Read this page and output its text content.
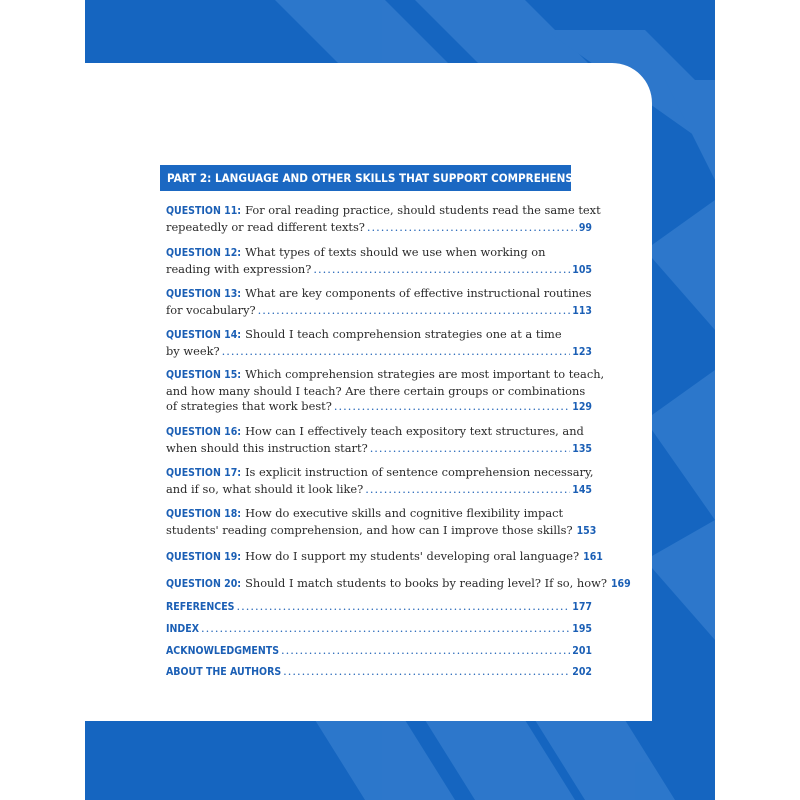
PART 2: LANGUAGE AND OTHER SKILLS THAT SUPPORT COMPREHENSION
QUESTION 11: For oral reading practice, should students read the same text
repeatedly or read different texts? .....	99
QUESTION 12: What types of texts should we use when working on
reading with expression? .....	105
QUESTION 13: What are key components of effective instructional routines
for vocabulary? .....	113
QUESTION 14: Should I teach comprehension strategies one at a time
by week? .....	123
QUESTION 15: Which comprehension strategies are most important to teach,
and how many should I teach? Are there certain groups or combinations
of strategies that work best? .....	129
QUESTION 16: How can I effectively teach expository text structures, and
when should this instruction start? .....	135
QUESTION 17: Is explicit instruction of sentence comprehension necessary,
and if so, what should it look like? .....	145
QUESTION 18: How do executive skills and cognitive flexibility impact
students' reading comprehension, and how can I improve those skills? 153
QUESTION 19: How do I support my students' developing oral language? 161
QUESTION 20: Should I match students to books by reading level? If so, how? 169
REFERENCES .....	177
INDEX .....	195
ACKNOWLEDGMENTS .....	201
ABOUT THE AUTHORS .....	202
